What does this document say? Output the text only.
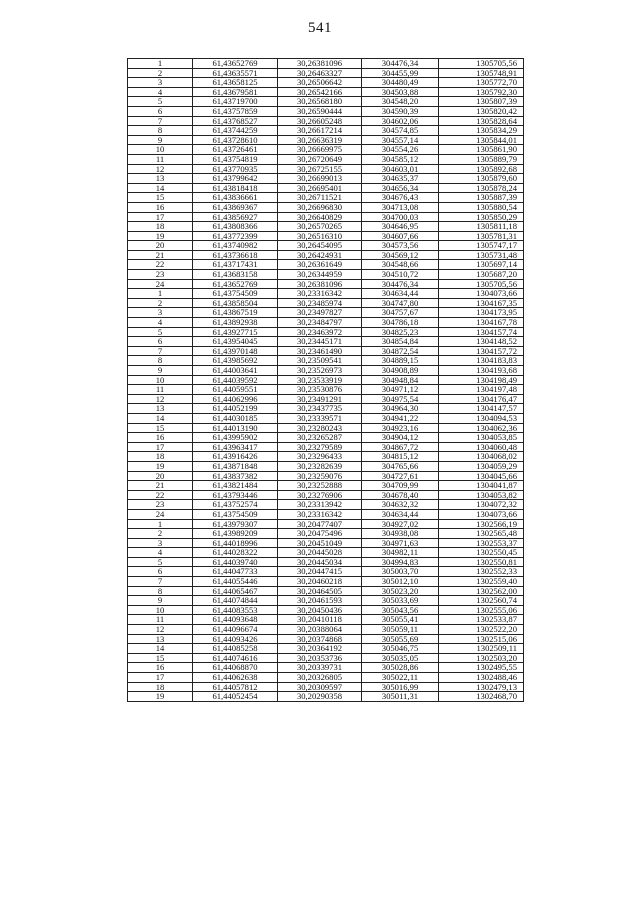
541
1	61,43652769	30,26381096	304476,34	1305705,56
2	61,43635571	30,26463327	304455,99	1305748,91
3	61,43658125	30,26506642	304480,49	1305772,70
4	61,43679581	30,26542166	304503,88	1305792,30
5	61,43719700	30,26568180	304548,20	1305807,39
6	61,43757859	30,26590444	304590,39	1305820,42
7	61,43768527	30,26605248	304602,06	1305828,64
8	61,43744259	30,26617214	304574,85	1305834,29
9	61,43728610	30,26636319	304557,14	1305844,01
10	61,43726461	30,26669975	304554,26	1305861,90
11	61,43754819	30,26720649	304585,12	1305889,79
12	61,43770935	30,26725155	304603,01	1305892,68
13	61,43799642	30,26699013	304635,37	1305879,60
14	61,43818418	30,26695401	304656,34	1305878,24
15	61,43836661	30,26711521	304676,43	1305887,39
16	61,43869367	30,26696830	304713,08	1305880,54
17	61,43856927	30,26640829	304700,03	1305850,29
18	61,43808366	30,26570265	304646,95	1305811,18
19	61,43772399	30,26516310	304607,66	1305781,31
20	61,43740982	30,26454095	304573,56	1305747,17
21	61,43736618	30,26424931	304569,12	1305731,48
22	61,43717431	30,26361649	304548,66	1305697,14
23	61,43683158	30,26344959	304510,72	1305687,20
24	61,43652769	30,26381096	304476,34	1305705,56
1	61,43754509	30,23316342	304634,44	1304073,66
2	61,43858504	30,23485974	304747,80	1304167,35
3	61,43867519	30,23497827	304757,67	1304173,95
4	61,43892938	30,23484797	304786,18	1304167,78
5	61,43927715	30,23463972	304825,23	1304157,74
6	61,43954045	30,23445171	304854,84	1304148,52
7	61,43970148	30,23461490	304872,54	1304157,72
8	61,43985692	30,23509541	304889,15	1304183,83
9	61,44003641	30,23526973	304908,89	1304193,68
10	61,44039592	30,23533919	304948,84	1304198,49
11	61,44059551	30,23530876	304971,12	1304197,48
12	61,44062996	30,23491291	304975,54	1304176,47
13	61,44052199	30,23437735	304964,30	1304147,57
14	61,44030185	30,23339571	304941,22	1304094,53
15	61,44013190	30,23280243	304923,16	1304062,36
16	61,43995902	30,23265287	304904,12	1304053,85
17	61,43963417	30,23279589	304867,72	1304060,48
18	61,43916426	30,23296433	304815,12	1304068,02
19	61,43871848	30,23282639	304765,66	1304059,29
20	61,43837382	30,23259076	304727,61	1304045,66
21	61,43821484	30,23252888	304709,99	1304041,87
22	61,43793446	30,23276906	304678,40	1304053,82
23	61,43752574	30,23313942	304632,32	1304072,32
24	61,43754509	30,23316342	304634,44	1304073,66
1	61,43979307	30,20477407	304927,02	1302566,19
2	61,43989209	30,20475496	304938,08	1302565,48
3	61,44018996	30,20451049	304971,63	1302553,37
4	61,44028322	30,20445028	304982,11	1302550,45
5	61,44039740	30,20445034	304994,83	1302550,81
6	61,44047733	30,20447415	305003,70	1302552,33
7	61,44055446	30,20460218	305012,10	1302559,40
8	61,44065467	30,20464505	305023,20	1302562,00
9	61,44074844	30,20461593	305033,69	1302560,74
10	61,44083553	30,20450436	305043,56	1302555,06
11	61,44093648	30,20410118	305055,41	1302533,87
12	61,44096674	30,20388064	305059,11	1302522,20
13	61,44093426	30,20374868	305055,69	1302515,06
14	61,44085258	30,20364192	305046,75	1302509,11
15	61,44074616	30,20353736	305035,05	1302503,20
16	61,44068870	30,20339731	305028,86	1302495,55
17	61,44062638	30,20326805	305022,11	1302488,46
18	61,44057812	30,20309597	305016,99	1302479,13
19	61,44052454	30,20290358	305011,31	1302468,70
